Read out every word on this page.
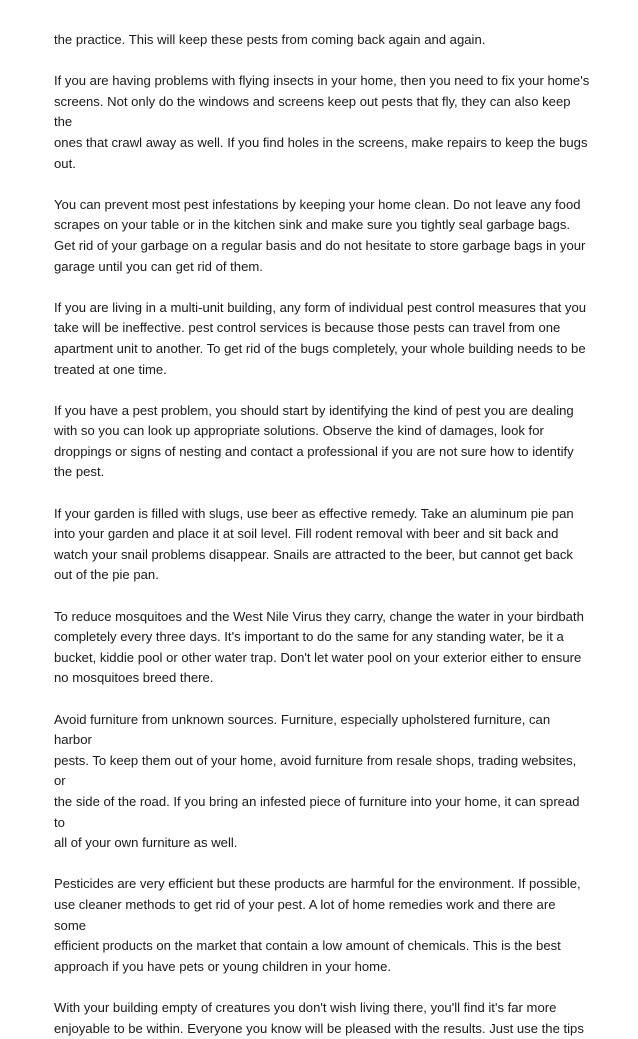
the practice. This will keep these pests from coming back again and again.

If you are having problems with flying insects in your home, then you need to fix your home's
screens. Not only do the windows and screens keep out pests that fly, they can also keep the
ones that crawl away as well. If you find holes in the screens, make repairs to keep the bugs
out.

You can prevent most pest infestations by keeping your home clean. Do not leave any food
scrapes on your table or in the kitchen sink and make sure you tightly seal garbage bags.
Get rid of your garbage on a regular basis and do not hesitate to store garbage bags in your
garage until you can get rid of them.

If you are living in a multi-unit building, any form of individual pest control measures that you
take will be ineffective. pest control services is because those pests can travel from one
apartment unit to another. To get rid of the bugs completely, your whole building needs to be
treated at one time.

If you have a pest problem, you should start by identifying the kind of pest you are dealing
with so you can look up appropriate solutions. Observe the kind of damages, look for
droppings or signs of nesting and contact a professional if you are not sure how to identify
the pest.

If your garden is filled with slugs, use beer as effective remedy. Take an aluminum pie pan
into your garden and place it at soil level. Fill rodent removal with beer and sit back and
watch your snail problems disappear. Snails are attracted to the beer, but cannot get back
out of the pie pan.

To reduce mosquitoes and the West Nile Virus they carry, change the water in your birdbath
completely every three days. It's important to do the same for any standing water, be it a
bucket, kiddie pool or other water trap. Don't let water pool on your exterior either to ensure
no mosquitoes breed there.

Avoid furniture from unknown sources. Furniture, especially upholstered furniture, can harbor
pests. To keep them out of your home, avoid furniture from resale shops, trading websites, or
the side of the road. If you bring an infested piece of furniture into your home, it can spread to
all of your own furniture as well.

Pesticides are very efficient but these products are harmful for the environment. If possible,
use cleaner methods to get rid of your pest. A lot of home remedies work and there are some
efficient products on the market that contain a low amount of chemicals. This is the best
approach if you have pets or young children in your home.

With your building empty of creatures you don't wish living there, you'll find it's far more
enjoyable to be within. Everyone you know will be pleased with the results. Just use the tips
